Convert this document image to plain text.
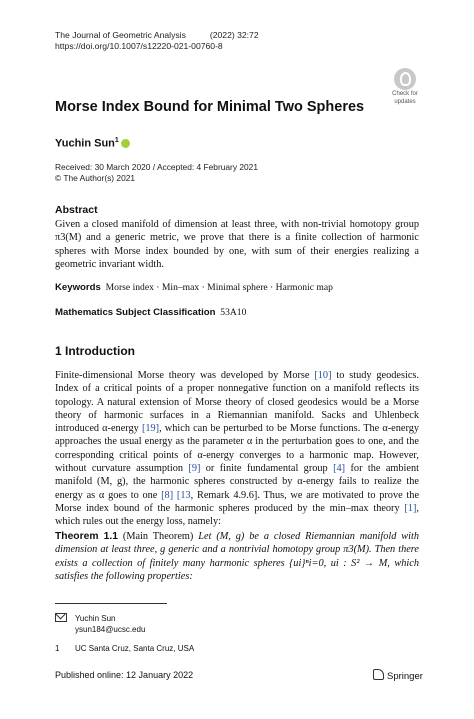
The Journal of Geometric Analysis	(2022) 32:72
https://doi.org/10.1007/s12220-021-00760-8
Check for
updates
Morse Index Bound for Minimal Two Spheres
Yuchin Sun$^1$
Received: 30 March 2020 / Accepted: 4 February 2021
© The Author(s) 2021
Abstract
Given a closed manifold of dimension at least three, with non-trivial homotopy group π3(M) and a generic metric, we prove that there is a finite collection of harmonic spheres with Morse index bounded by one, with sum of their energies realizing a geometric invariant width.
Keywords Morse index · Min–max · Minimal sphere · Harmonic map
Mathematics Subject Classification 53A10
1 Introduction
Finite-dimensional Morse theory was developed by Morse [10] to study geodesics. Index of a critical points of a proper nonnegative function on a manifold reflects its topology. A natural extension of Morse theory of closed geodesics would be a Morse theory of harmonic surfaces in a Riemannian manifold. Sacks and Uhlenbeck introduced α-energy [19], which can be perturbed to be Morse functions. The α-energy approaches the usual energy as the parameter α in the perturbation goes to one, and the corresponding critical points of α-energy converges to a harmonic map. However, without curvature assumption [9] or finite fundamental group [4] for the ambient manifold (M, g), the harmonic spheres constructed by α-energy fails to realize the energy as α goes to one [8] [13, Remark 4.9.6]. Thus, we are motivated to prove the Morse index bound of the harmonic spheres produced by the min–max theory [1], which rules out the energy loss, namely:
Theorem 1.1 (Main Theorem) Let (M, g) be a closed Riemannian manifold with dimension at least three, g generic and a nontrivial homotopy group π3(M). Then there exists a collection of finitely many harmonic spheres {ui}ⁿi=0, ui : S² → M, which satisfies the following properties:
Yuchin Sun
ysun184@ucsc.edu
1 UC Santa Cruz, Santa Cruz, USA
Published online: 12 January 2022	Springer
